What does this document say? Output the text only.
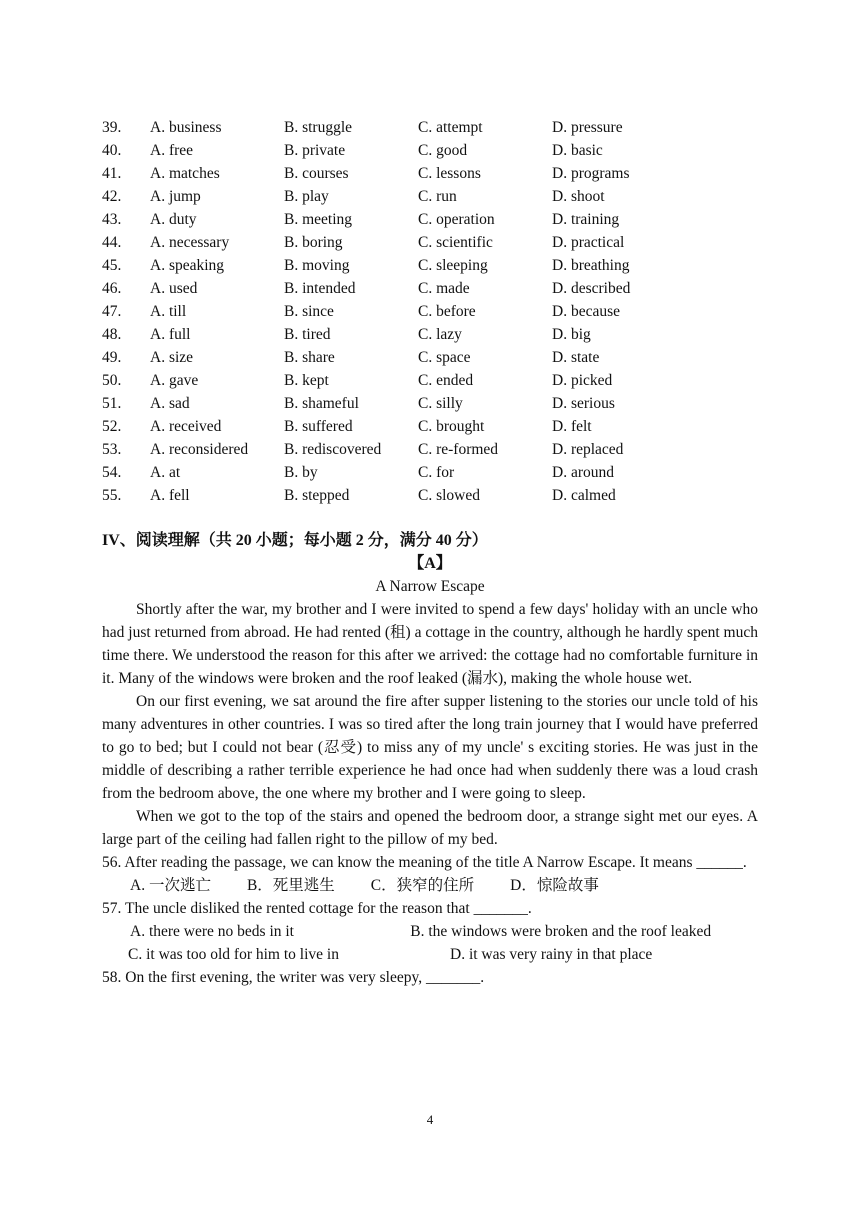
39.	A. business	B. struggle	C. attempt	D. pressure
40.	A. free	B. private	C. good	D. basic
41.	A. matches	B. courses	C. lessons	D. programs
42.	A. jump	B. play	C. run	D. shoot
43.	A. duty	B. meeting	C. operation	D. training
44.	A. necessary	B. boring	C. scientific	D. practical
45.	A. speaking	B. moving	C. sleeping	D. breathing
46.	A. used	B. intended	C. made	D. described
47.	A. till	B. since	C. before	D. because
48.	A. full	B. tired	C. lazy	D. big
49.	A. size	B. share	C. space	D. state
50.	A. gave	B. kept	C. ended	D. picked
51.	A. sad	B. shameful	C. silly	D. serious
52.	A. received	B. suffered	C. brought	D. felt
53.	A. reconsidered	B. rediscovered	C. re-formed	D. replaced
54.	A. at	B. by	C. for	D. around
55.	A. fell	B. stepped	C. slowed	D. calmed
IV、阅读理解（共 20 小题；每小题 2 分，满分 40 分）
【A】
A Narrow Escape

Shortly after the war, my brother and I were invited to spend a few days' holiday with an uncle who had just returned from abroad. He had rented (租) a cottage in the country, although he hardly spent much time there. We understood the reason for this after we arrived: the cottage had no comfortable furniture in it. Many of the windows were broken and the roof leaked (漏水), making the whole house wet.

On our first evening, we sat around the fire after supper listening to the stories our uncle told of his many adventures in other countries. I was so tired after the long train journey that I would have preferred to go to bed; but I could not bear (忍受) to miss any of my uncle' s exciting stories. He was just in the middle of describing a rather terrible experience he had once had when suddenly there was a loud crash from the bedroom above, the one where my brother and I were going to sleep.

When we got to the top of the stairs and opened the bedroom door, a strange sight met our eyes. A large part of the ceiling had fallen right to the pillow of my bed.

56. After reading the passage, we can know the meaning of the title A Narrow Escape. It means ______.

A. 一次逃亡 B．死里逃生 C．狭窄的住所 D．惊险故事

57. The uncle disliked the rented cottage for the reason that _______.

A. there were no beds in it                              B. the windows were broken and the roof leaked
C. it was too old for him to live in	D. it was very rainy in that place

58. On the first evening, the writer was very sleepy, _______.

4
